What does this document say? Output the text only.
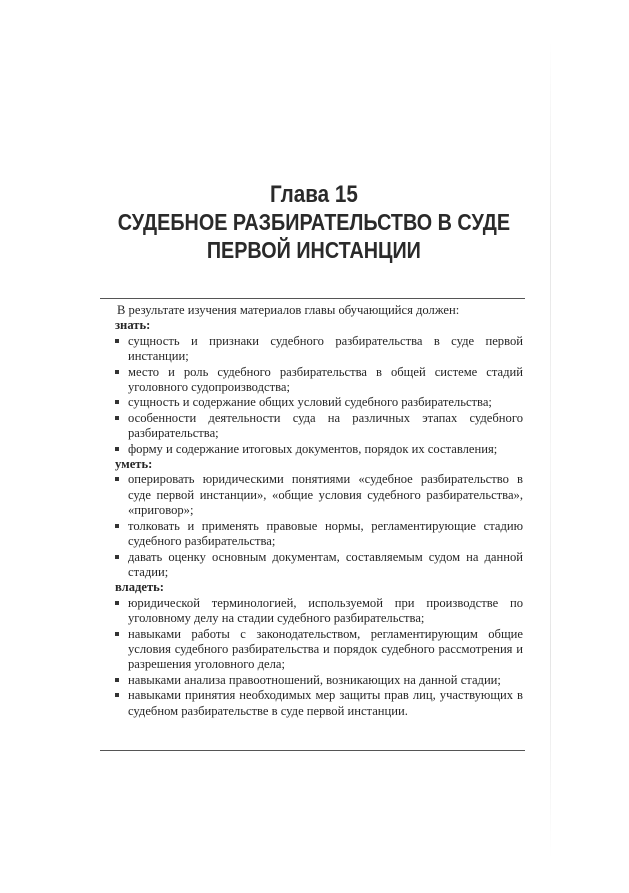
Глава 15
СУДЕБНОЕ РАЗБИРАТЕЛЬСТВО В СУДЕ
ПЕРВОЙ ИНСТАНЦИИ
В результате изучения материалов главы обучающийся должен:
знать:
сущность и признаки судебного разбирательства в суде первой инстанции;
место и роль судебного разбирательства в общей системе стадий уголовного судопроизводства;
сущность и содержание общих условий судебного разбирательства;
особенности деятельности суда на различных этапах судебного разбирательства;
форму и содержание итоговых документов, порядок их составления;
уметь:
оперировать юридическими понятиями «судебное разбирательство в суде первой инстанции», «общие условия судебного разбирательства», «приговор»;
толковать и применять правовые нормы, регламентирующие стадию судебного разбирательства;
давать оценку основным документам, составляемым судом на данной стадии;
владеть:
юридической терминологией, используемой при производстве по уголовному делу на стадии судебного разбирательства;
навыками работы с законодательством, регламентирующим общие условия судебного разбирательства и порядок судебного рассмотрения и разрешения уголовного дела;
навыками анализа правоотношений, возникающих на данной стадии;
навыками принятия необходимых мер защиты прав лиц, участвующих в судебном разбирательстве в суде первой инстанции.
